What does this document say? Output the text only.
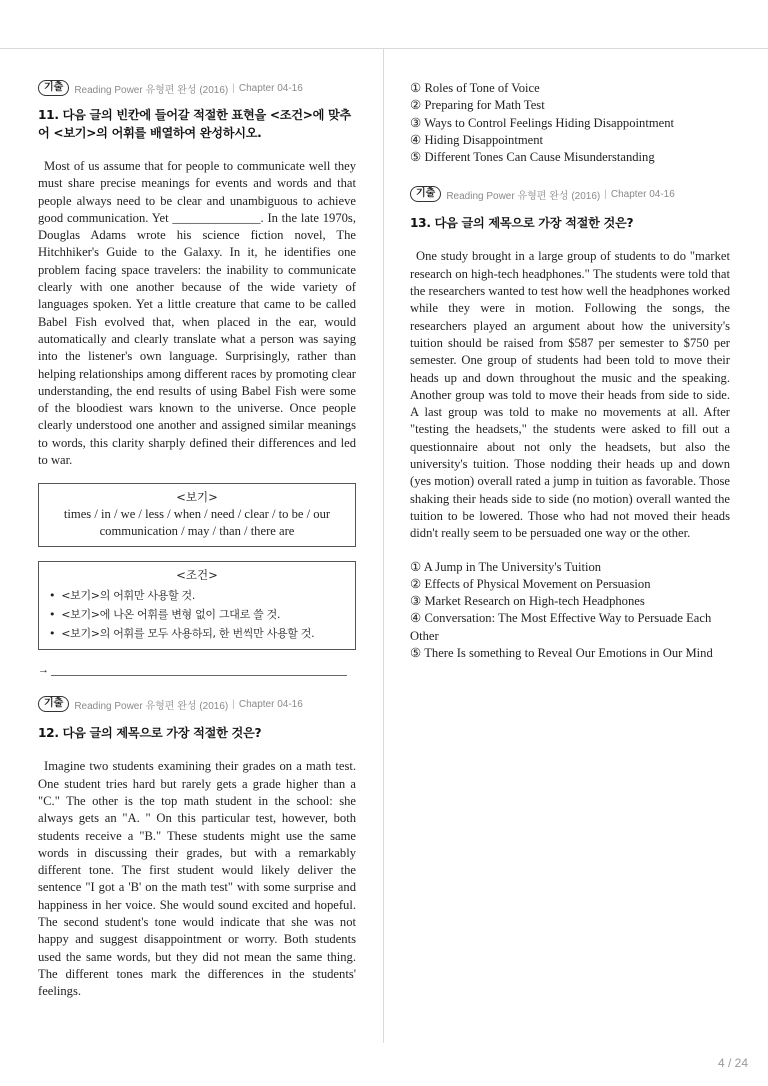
기출	Reading Power 유형편 완성 (2016) | Chapter 04-16
11. 다음 글의 빈칸에 들어갈 적절한 표현을 <조건>에 맞추어 <보기>의 어휘를 배열하여 완성하시오.
Most of us assume that for people to communicate well they must share precise meanings for events and words and that people always need to be clear and unambiguous to achieve good communication. Yet ______________. In the late 1970s, Douglas Adams wrote his science fiction novel, The Hitchhiker's Guide to the Galaxy. In it, he identifies one problem facing space travelers: the inability to communicate clearly with one another because of the wide variety of languages spoken. Yet a little creature that came to be called Babel Fish evolved that, when placed in the ear, would automatically and clearly translate what a person was saying into the listener's own language. Surprisingly, rather than helping relationships among different races by promoting clear understanding, the end results of using Babel Fish were some of the bloodiest wars known to the universe. Once people clearly understood one another and assigned similar meanings to words, this clarity sharply defined their differences and led to war.
<보기>
times / in / we / less / when / need / clear / to be / our communication / may / than / there are
<조건>
• <보기>의 어휘만 사용할 것.
• <보기>에 나온 어휘를 변형 없이 그대로 쓸 것.
• <보기>의 어휘를 모두 사용하되, 한 번씩만 사용할 것.
→
기출	Reading Power 유형편 완성 (2016) | Chapter 04-16
12. 다음 글의 제목으로 가장 적절한 것은?
Imagine two students examining their grades on a math test. One student tries hard but rarely gets a grade higher than a "C." The other is the top math student in the school: she always gets an "A. " On this particular test, however, both students receive a "B." These students might use the same words in discussing their grades, but with a remarkably different tone. The first student would likely deliver the sentence "I got a 'B' on the math test" with some surprise and happiness in her voice. She would sound excited and hopeful. The second student's tone would indicate that she was not happy and suggest disappointment or worry. Both students used the same words, but they did not mean the same thing. The different tones mark the differences in the students' feelings.
① Roles of Tone of Voice
② Preparing for Math Test
③ Ways to Control Feelings Hiding Disappointment
④ Hiding Disappointment
⑤ Different Tones Can Cause Misunderstanding
기출	Reading Power 유형편 완성 (2016) | Chapter 04-16
13. 다음 글의 제목으로 가장 적절한 것은?
One study brought in a large group of students to do "market research on high-tech headphones." The students were told that the researchers wanted to test how well the headphones worked while they were in motion. Following the songs, the researchers played an argument about how the university's tuition should be raised from $587 per semester to $750 per semester. One group of students had been told to move their heads up and down throughout the music and the speaking. Another group was told to move their heads from side to side. A last group was told to make no movements at all. After "testing the headsets," the students were asked to fill out a questionnaire about not only the headsets, but also the university's tuition. Those nodding their heads up and down (yes motion) overall rated a jump in tuition as favorable. Those shaking their heads side to side (no motion) overall wanted the tuition to be lowered. Those who had not moved their heads didn't really seem to be persuaded one way or the other.
① A Jump in The University's Tuition
② Effects of Physical Movement on Persuasion
③ Market Research on High-tech Headphones
④ Conversation: The Most Effective Way to Persuade Each Other
⑤ There Is something to Reveal Our Emotions in Our Mind
4 / 24
